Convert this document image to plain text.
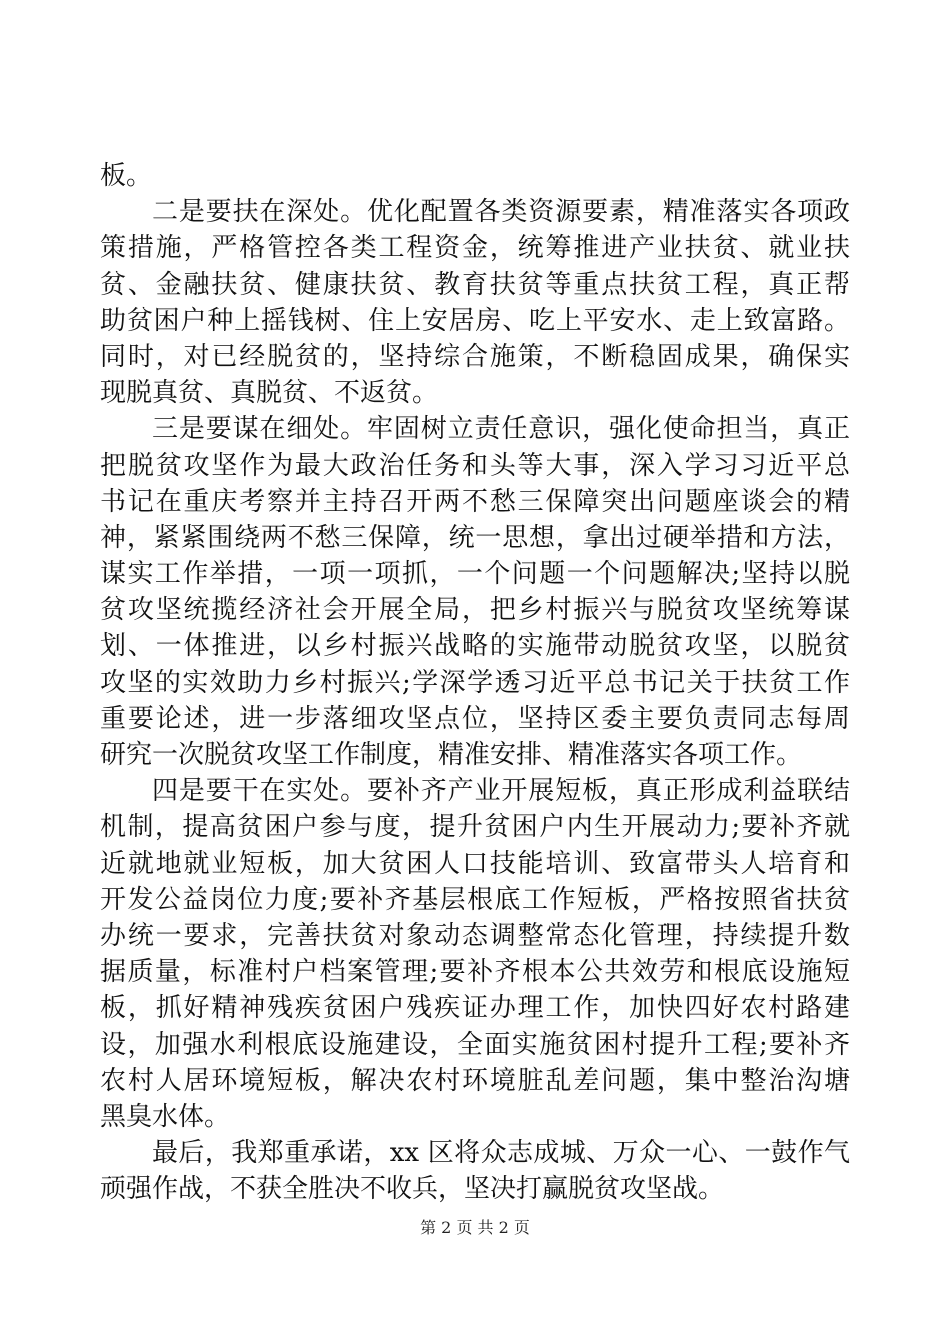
板。
二是要扶在深处。优化配置各类资源要素，精准落实各项政
策措施，严格管控各类工程资金，统筹推进产业扶贫、就业扶
贫、金融扶贫、健康扶贫、教育扶贫等重点扶贫工程，真正帮
助贫困户种上摇钱树、住上安居房、吃上平安水、走上致富路。
同时，对已经脱贫的，坚持综合施策，不断稳固成果，确保实
现脱真贫、真脱贫、不返贫。
三是要谋在细处。牢固树立责任意识，强化使命担当，真正
把脱贫攻坚作为最大政治任务和头等大事，深入学习习近平总
书记在重庆考察并主持召开两不愁三保障突出问题座谈会的精
神，紧紧围绕两不愁三保障，统一思想，拿出过硬举措和方法，
谋实工作举措，一项一项抓，一个问题一个问题解决;坚持以脱
贫攻坚统揽经济社会开展全局，把乡村振兴与脱贫攻坚统筹谋
划、一体推进，以乡村振兴战略的实施带动脱贫攻坚，以脱贫
攻坚的实效助力乡村振兴;学深学透习近平总书记关于扶贫工作
重要论述，进一步落细攻坚点位，坚持区委主要负责同志每周
研究一次脱贫攻坚工作制度，精准安排、精准落实各项工作。
四是要干在实处。要补齐产业开展短板，真正形成利益联结
机制，提高贫困户参与度，提升贫困户内生开展动力;要补齐就
近就地就业短板，加大贫困人口技能培训、致富带头人培育和
开发公益岗位力度;要补齐基层根底工作短板，严格按照省扶贫
办统一要求，完善扶贫对象动态调整常态化管理，持续提升数
据质量，标准村户档案管理;要补齐根本公共效劳和根底设施短
板，抓好精神残疾贫困户残疾证办理工作，加快四好农村路建
设，加强水利根底设施建设，全面实施贫困村提升工程;要补齐
农村人居环境短板，解决农村环境脏乱差问题，集中整治沟塘
黑臭水体。
最后，我郑重承诺，xx 区将众志成城、万众一心、一鼓作气
顽强作战，不获全胜决不收兵，坚决打赢脱贫攻坚战。
第 2 页 共 2 页
